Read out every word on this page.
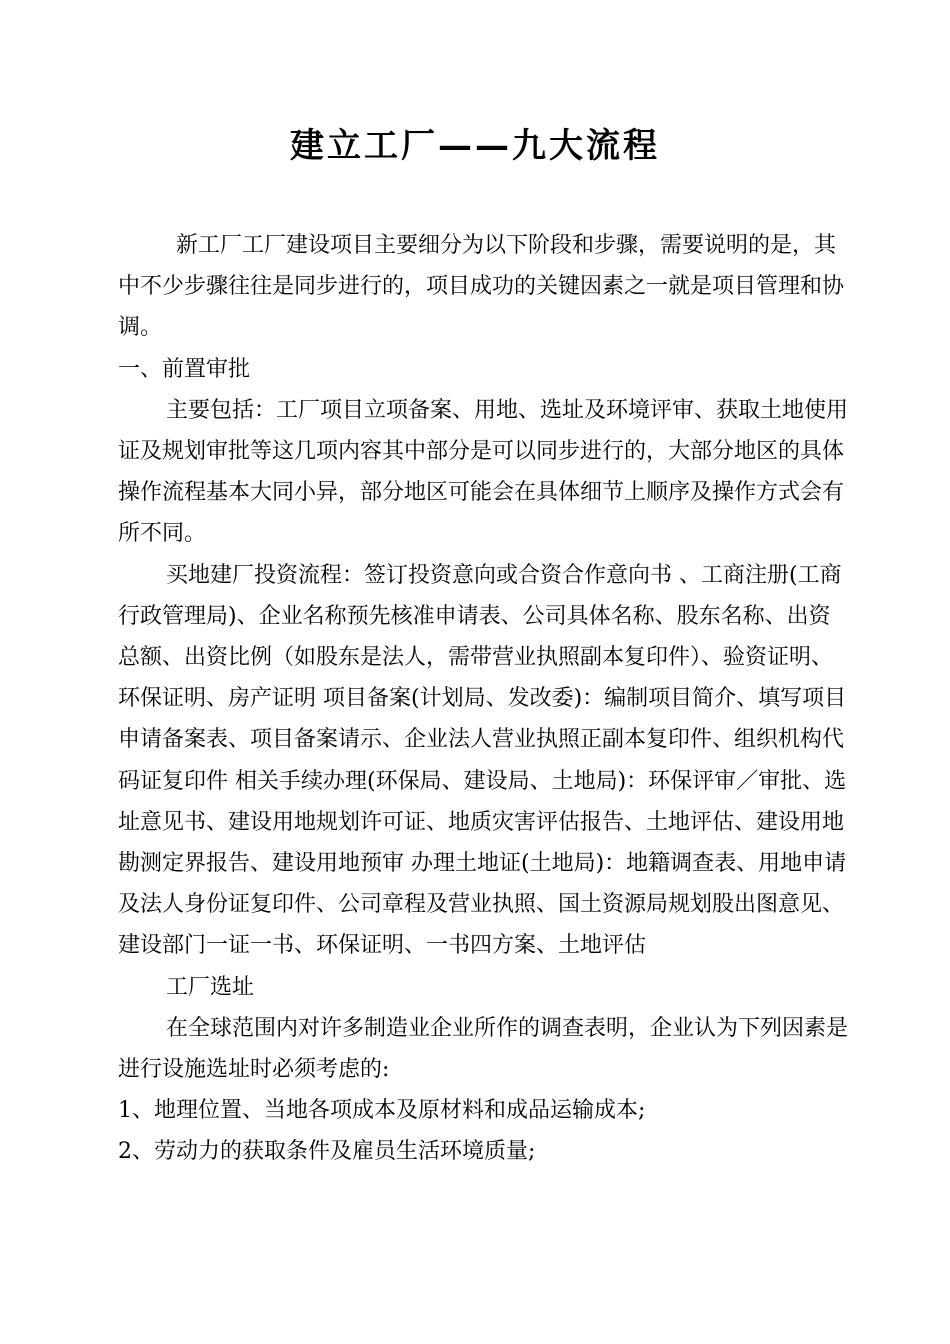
建立工厂——九大流程

新工厂工厂建设项目主要细分为以下阶段和步骤，需要说明的是，其中不少步骤往往是同步进行的，项目成功的关键因素之一就是项目管理和协调。

一、前置审批

主要包括：工厂项目立项备案、用地、选址及环境评审、获取土地使用证及规划审批等这几项内容其中部分是可以同步进行的，大部分地区的具体操作流程基本大同小异，部分地区可能会在具体细节上顺序及操作方式会有所不同。

买地建厂投资流程：签订投资意向或合资合作意向书 、工商注册(工商行政管理局)、企业名称预先核准申请表、公司具体名称、股东名称、出资总额、出资比例（如股东是法人，需带营业执照副本复印件）、验资证明、环保证明、房产证明 项目备案(计划局、发改委)：编制项目简介、填写项目申请备案表、项目备案请示、企业法人营业执照正副本复印件、组织机构代码证复印件 相关手续办理(环保局、建设局、土地局)：环保评审／审批、选址意见书、建设用地规划许可证、地质灾害评估报告、土地评估、建设用地勘测定界报告、建设用地预审 办理土地证(土地局)：地籍调查表、用地申请及法人身份证复印件、公司章程及营业执照、国土资源局规划股出图意见、建设部门一证一书、环保证明、一书四方案、土地评估

工厂选址

在全球范围内对许多制造业企业所作的调查表明，企业认为下列因素是进行设施选址时必须考虑的:

1、地理位置、当地各项成本及原材料和成品运输成本;

2、劳动力的获取条件及雇员生活环境质量;
